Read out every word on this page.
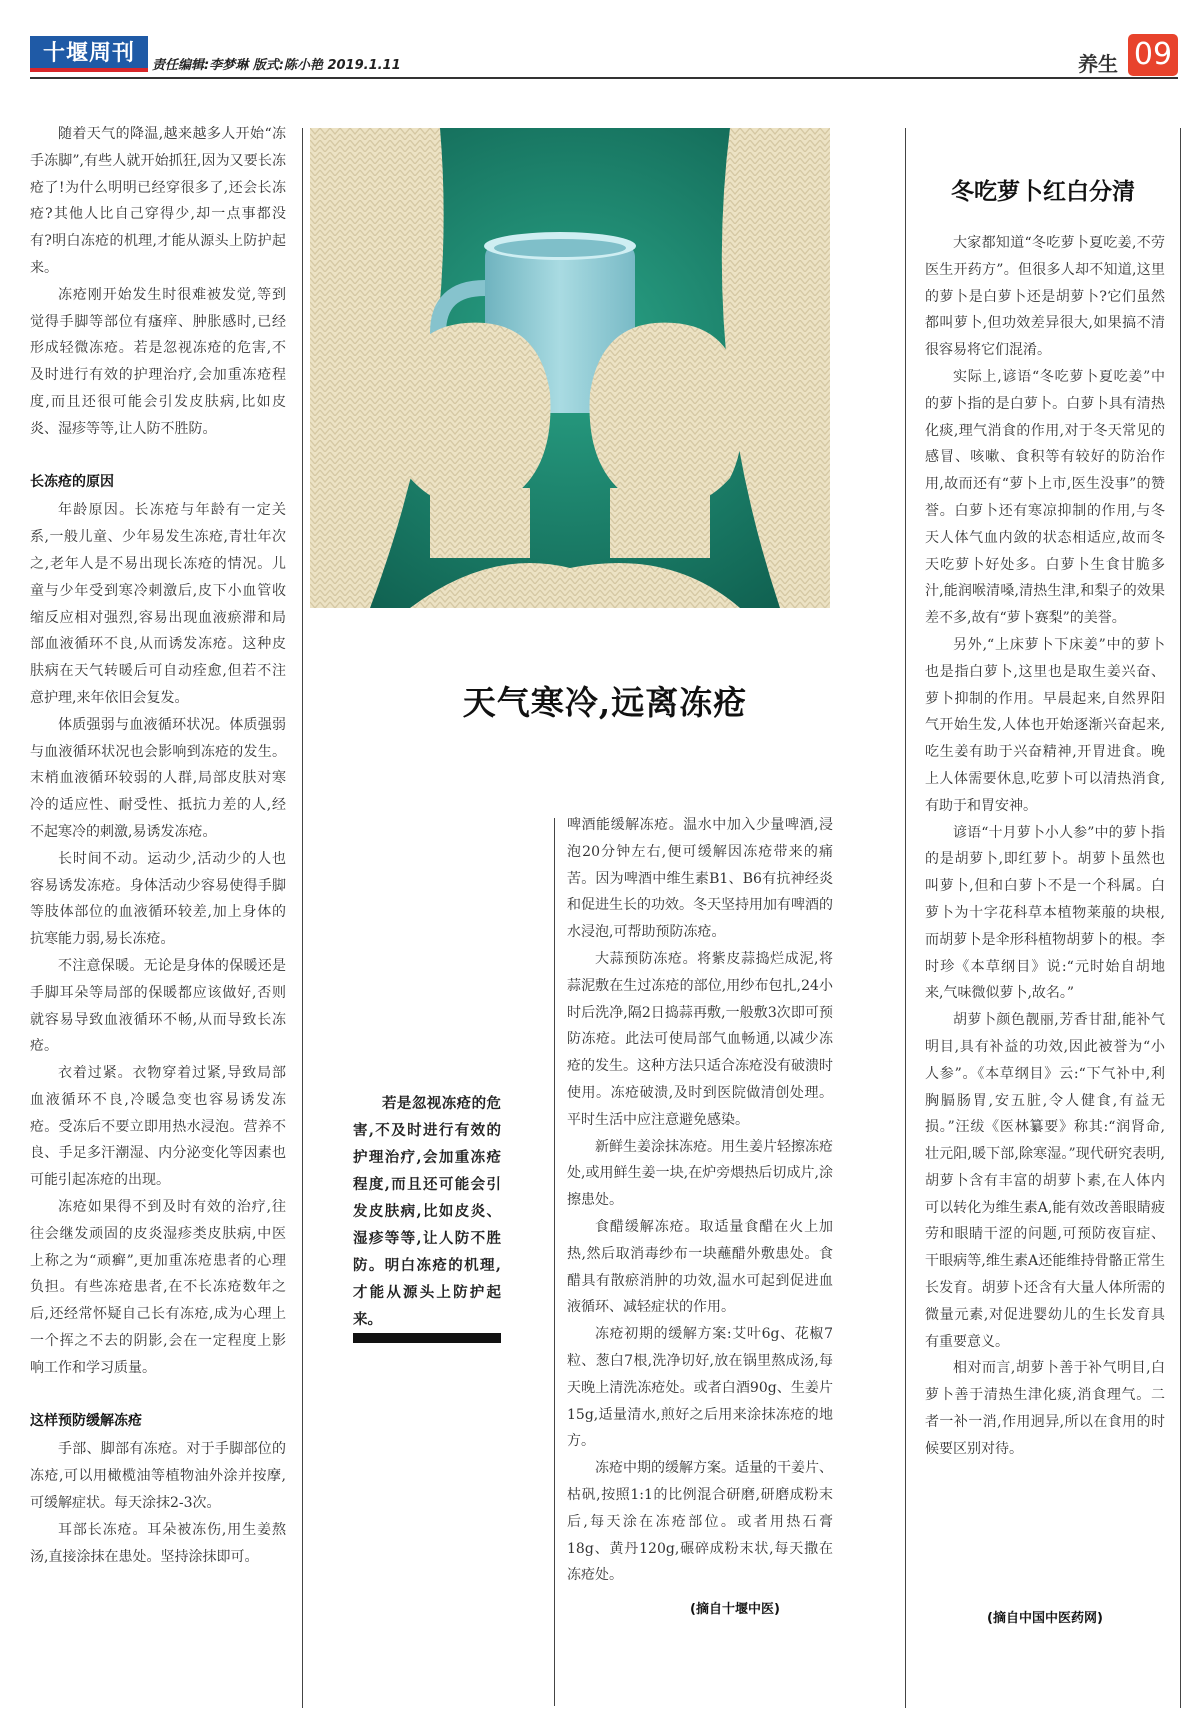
十堰周刊	责任编辑:李梦琳 版式:陈小艳 2019.1.11	养生 09

随着天气的降温,越来越多人开始“冻手冻脚”,有些人就开始抓狂,因为又要长冻疮了!为什么明明已经穿很多了,还会长冻疮?其他人比自己穿得少,却一点事都没有?明白冻疮的机理,才能从源头上防护起来。

冻疮刚开始发生时很难被发觉,等到觉得手脚等部位有瘙痒、肿胀感时,已经形成轻微冻疮。若是忽视冻疮的危害,不及时进行有效的护理治疗,会加重冻疮程度,而且还很可能会引发皮肤病,比如皮炎、湿疹等等,让人防不胜防。

长冻疮的原因

年龄原因。长冻疮与年龄有一定关系,一般儿童、少年易发生冻疮,青壮年次之,老年人是不易出现长冻疮的情况。儿童与少年受到寒冷刺激后,皮下小血管收缩反应相对强烈,容易出现血液瘀滞和局部血液循环不良,从而诱发冻疮。这种皮肤病在天气转暖后可自动痊愈,但若不注意护理,来年依旧会复发。

体质强弱与血液循环状况。体质强弱与血液循环状况也会影响到冻疮的发生。末梢血液循环较弱的人群,局部皮肤对寒冷的适应性、耐受性、抵抗力差的人,经不起寒冷的刺激,易诱发冻疮。

长时间不动。运动少,活动少的人也容易诱发冻疮。身体活动少容易使得手脚等肢体部位的血液循环较差,加上身体的抗寒能力弱,易长冻疮。

不注意保暖。无论是身体的保暖还是手脚耳朵等局部的保暖都应该做好,否则就容易导致血液循环不畅,从而导致长冻疮。

衣着过紧。衣物穿着过紧,导致局部血液循环不良,冷暖急变也容易诱发冻疮。受冻后不要立即用热水浸泡。营养不良、手足多汗潮湿、内分泌变化等因素也可能引起冻疮的出现。

冻疮如果得不到及时有效的治疗,往往会继发顽固的皮炎湿疹类皮肤病,中医上称之为“顽癣”,更加重冻疮患者的心理负担。有些冻疮患者,在不长冻疮数年之后,还经常怀疑自己长有冻疮,成为心理上一个挥之不去的阴影,会在一定程度上影响工作和学习质量。

这样预防缓解冻疮

手部、脚部有冻疮。对于手脚部位的冻疮,可以用橄榄油等植物油外涂并按摩,可缓解症状。每天涂抹2-3次。

耳部长冻疮。耳朵被冻伤,用生姜熬汤,直接涂抹在患处。坚持涂抹即可。

天气寒冷,远离冻疮

若是忽视冻疮的危害,不及时进行有效的护理治疗,会加重冻疮程度,而且还可能会引发皮肤病,比如皮炎、湿疹等等,让人防不胜防。明白冻疮的机理,才能从源头上防护起来。

啤酒能缓解冻疮。温水中加入少量啤酒,浸泡20分钟左右,便可缓解因冻疮带来的痛苦。因为啤酒中维生素B1、B6有抗神经炎和促进生长的功效。冬天坚持用加有啤酒的水浸泡,可帮助预防冻疮。

大蒜预防冻疮。将紫皮蒜捣烂成泥,将蒜泥敷在生过冻疮的部位,用纱布包扎,24小时后洗净,隔2日捣蒜再敷,一般敷3次即可预防冻疮。此法可使局部气血畅通,以减少冻疮的发生。这种方法只适合冻疮没有破溃时使用。冻疮破溃,及时到医院做清创处理。平时生活中应注意避免感染。

新鲜生姜涂抹冻疮。用生姜片轻擦冻疮处,或用鲜生姜一块,在炉旁煨热后切成片,涂擦患处。

食醋缓解冻疮。取适量食醋在火上加热,然后取消毒纱布一块蘸醋外敷患处。食醋具有散瘀消肿的功效,温水可起到促进血液循环、减轻症状的作用。

冻疮初期的缓解方案:艾叶6g、花椒7粒、葱白7根,洗净切好,放在锅里熬成汤,每天晚上清洗冻疮处。或者白酒90g、生姜片15g,适量清水,煎好之后用来涂抹冻疮的地方。

冻疮中期的缓解方案。适量的干姜片、枯矾,按照1:1的比例混合研磨,研磨成粉末后,每天涂在冻疮部位。或者用热石膏18g、黄丹120g,碾碎成粉末状,每天撒在冻疮处。

(摘自十堰中医)
冬吃萝卜红白分清

大家都知道“冬吃萝卜夏吃姜,不劳医生开药方”。但很多人却不知道,这里的萝卜是白萝卜还是胡萝卜?它们虽然都叫萝卜,但功效差异很大,如果搞不清很容易将它们混淆。

实际上,谚语“冬吃萝卜夏吃姜”中的萝卜指的是白萝卜。白萝卜具有清热化痰,理气消食的作用,对于冬天常见的感冒、咳嗽、食积等有较好的防治作用,故而还有“萝卜上市,医生没事”的赞誉。白萝卜还有寒凉抑制的作用,与冬天人体气血内敛的状态相适应,故而冬天吃萝卜好处多。白萝卜生食甘脆多汁,能润喉清嗓,清热生津,和梨子的效果差不多,故有“萝卜赛梨”的美誉。

另外,“上床萝卜下床姜”中的萝卜也是指白萝卜,这里也是取生姜兴奋、萝卜抑制的作用。早晨起来,自然界阳气开始生发,人体也开始逐渐兴奋起来,吃生姜有助于兴奋精神,开胃进食。晚上人体需要休息,吃萝卜可以清热消食,有助于和胃安神。

谚语“十月萝卜小人参”中的萝卜指的是胡萝卜,即红萝卜。胡萝卜虽然也叫萝卜,但和白萝卜不是一个科属。白萝卜为十字花科草本植物莱菔的块根,而胡萝卜是伞形科植物胡萝卜的根。李时珍《本草纲目》说:“元时始自胡地来,气味微似萝卜,故名。”

胡萝卜颜色靓丽,芳香甘甜,能补气明目,具有补益的功效,因此被誉为“小人参”。《本草纲目》云:“下气补中,利胸膈肠胃,安五脏,令人健食,有益无损。”汪绂《医林纂要》称其:“润肾命,壮元阳,暖下部,除寒湿。”现代研究表明,胡萝卜含有丰富的胡萝卜素,在人体内可以转化为维生素A,能有效改善眼睛疲劳和眼睛干涩的问题,可预防夜盲症、干眼病等,维生素A还能维持骨骼正常生长发育。胡萝卜还含有大量人体所需的微量元素,对促进婴幼儿的生长发育具有重要意义。

相对而言,胡萝卜善于补气明目,白萝卜善于清热生津化痰,消食理气。二者一补一消,作用迥异,所以在食用的时候要区别对待。

(摘自中国中医药网)
